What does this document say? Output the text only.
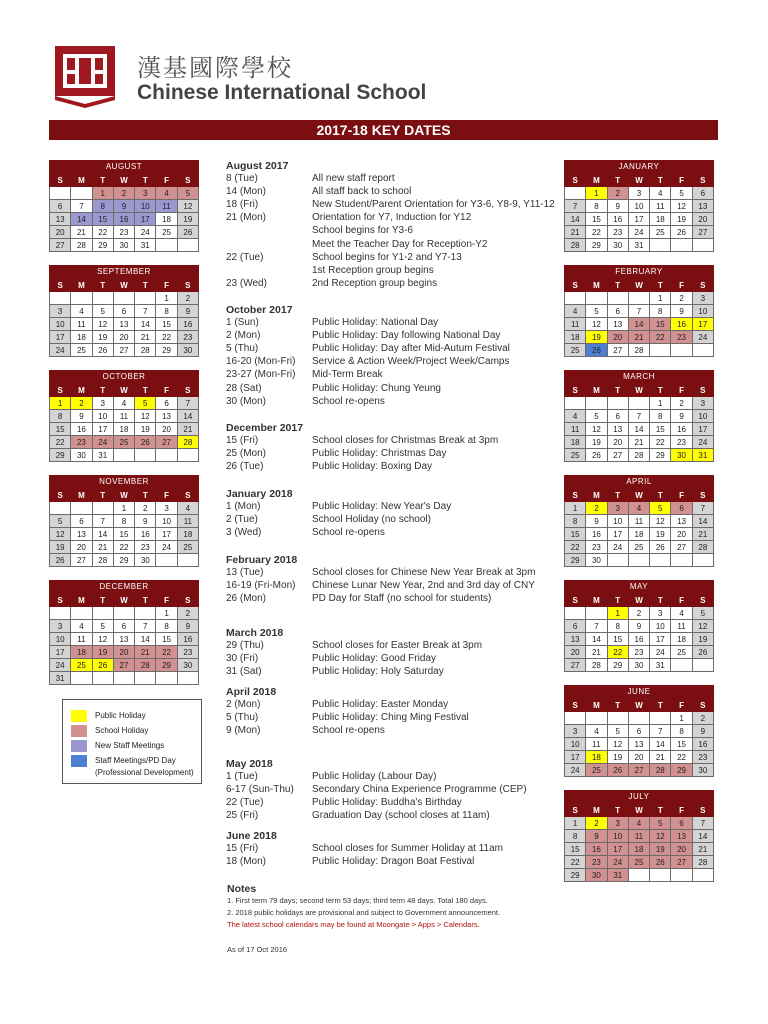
漢基國際學校
Chinese International School
2017-18 KEY DATES
August 2017
8 (Tue)	All new staff report
14 (Mon)	All staff back to school
18 (Fri)	New Student/Parent Orientation for Y3-6, Y8-9, Y11-12
21 (Mon)	Orientation for Y7, Induction for Y12
School begins for Y3-6
Meet the Teacher Day for Reception-Y2
22 (Tue)	School begins for Y1-2 and Y7-13
1st Reception group begins
23 (Wed)	2nd Reception group begins
October 2017
1 (Sun)	Public Holiday: National Day
2 (Mon)	Public Holiday: Day following National Day
5 (Thu)	Public Holiday: Day after Mid-Autum Festival
16-20 (Mon-Fri) Service & Action Week/Project Week/Camps
23-27 (Mon-Fri) Mid-Term Break
28 (Sat)	Public Holiday: Chung Yeung
30 (Mon)	School re-opens
December 2017
15 (Fri)	School closes for Christmas Break at 3pm
25 (Mon)	Public Holiday: Christmas Day
26 (Tue)	Public Holiday: Boxing Day
January 2018
1 (Mon)	Public Holiday: New Year's Day
2 (Tue)	School Holiday (no school)
3 (Wed)	School re-opens
February 2018
13 (Tue)	School closes for Chinese New Year Break at 3pm
16-19 (Fri-Mon) Chinese Lunar New Year, 2nd and 3rd day of CNY
26 (Mon)	PD Day for Staff (no school for students)
March 2018
29 (Thu)	School closes for Easter Break at 3pm
30 (Fri)	Public Holiday: Good Friday
31 (Sat)	Public Holiday: Holy Saturday
April 2018
2 (Mon)	Public Holiday: Easter Monday
5 (Thu)	Public Holiday: Ching Ming Festival
9 (Mon)	School re-opens
May 2018
1 (Tue)	Public Holiday (Labour Day)
6-17 (Sun-Thu) Secondary China Experience Programme (CEP)
22 (Tue)	Public Holiday: Buddha's Birthday
25 (Fri)	Graduation Day (school closes at 11am)
June 2018
15 (Fri)	School closes for Summer Holiday at 11am
18 (Mon)	Public Holiday: Dragon Boat Festival
Public Holiday
School Holiday
New Staff Meetings
Staff Meetings/PD Day
(Professional Development)
Notes

1. First term 79 days; second term 53 days; third term 48 days. Total 180 days.

2. 2018 public holidays are provisional and subject to Government announcement.

The latest school calendars may be found at Moongate > Apps > Calendars.

As of 17 Oct 2016
AUGUST
S	M	T	W	T	F	S
		1	2	3	4	5
6	7	8	9	10	11	12
13	14	15	16	17	18	19
20	21	22	23	24	25	26
27	28	29	30	31		
SEPTEMBER
S	M	T	W	T	F	S
					1	2
3	4	5	6	7	8	9
10	11	12	13	14	15	16
17	18	19	20	21	22	23
24	25	26	27	28	29	30
OCTOBER
S	M	T	W	T	F	S
1	2	3	4	5	6	7
8	9	10	11	12	13	14
15	16	17	18	19	20	21
22	23	24	25	26	27	28
29	30	31				
NOVEMBER
S	M	T	W	T	F	S
			1	2	3	4
5	6	7	8	9	10	11
12	13	14	15	16	17	18
19	20	21	22	23	24	25
26	27	28	29	30		
DECEMBER
S	M	T	W	T	F	S
					1	2
3	4	5	6	7	8	9
10	11	12	13	14	15	16
17	18	19	20	21	22	23
24	25	26	27	28	29	30
31						
JANUARY
S	M	T	W	T	F	S
	1	2	3	4	5	6
7	8	9	10	11	12	13
14	15	16	17	18	19	20
21	22	23	24	25	26	27
28	29	30	31			
FEBRUARY
S	M	T	W	T	F	S
				1	2	3
4	5	6	7	8	9	10
11	12	13	14	15	16	17
18	19	20	21	22	23	24
25	26	27	28			
MARCH
S	M	T	W	T	F	S
				1	2	3
4	5	6	7	8	9	10
11	12	13	14	15	16	17
18	19	20	21	22	23	24
25	26	27	28	29	30	31
APRIL
S	M	T	W	T	F	S
1	2	3	4	5	6	7
8	9	10	11	12	13	14
15	16	17	18	19	20	21
22	23	24	25	26	27	28
29	30					
MAY
S	M	T	W	T	F	S
		1	2	3	4	5
6	7	8	9	10	11	12
13	14	15	16	17	18	19
20	21	22	23	24	25	26
27	28	29	30	31		
JUNE
S	M	T	W	T	F	S
					1	2
3	4	5	6	7	8	9
10	11	12	13	14	15	16
17	18	19	20	21	22	23
24	25	26	27	28	29	30
JULY
S	M	T	W	T	F	S
1	2	3	4	5	6	7
8	9	10	11	12	13	14
15	16	17	18	19	20	21
22	23	24	25	26	27	28
29	30	31				
